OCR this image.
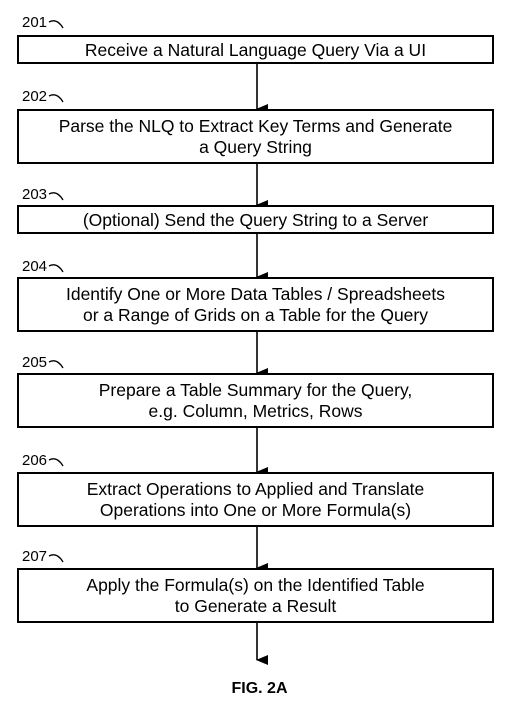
201
Receive a Natural Language Query Via a UI
202
Parse the NLQ to Extract Key Terms and Generate
a Query String
203
(Optional) Send the Query String to a Server
204
Identify One or More Data Tables / Spreadsheets
or a Range of Grids on a Table for the Query
205
Prepare a Table Summary for the Query,
e.g. Column, Metrics, Rows
206
Extract Operations to Applied and Translate
Operations into One or More Formula(s)
207
Apply the Formula(s) on the Identified Table
to Generate a Result
FIG. 2A
